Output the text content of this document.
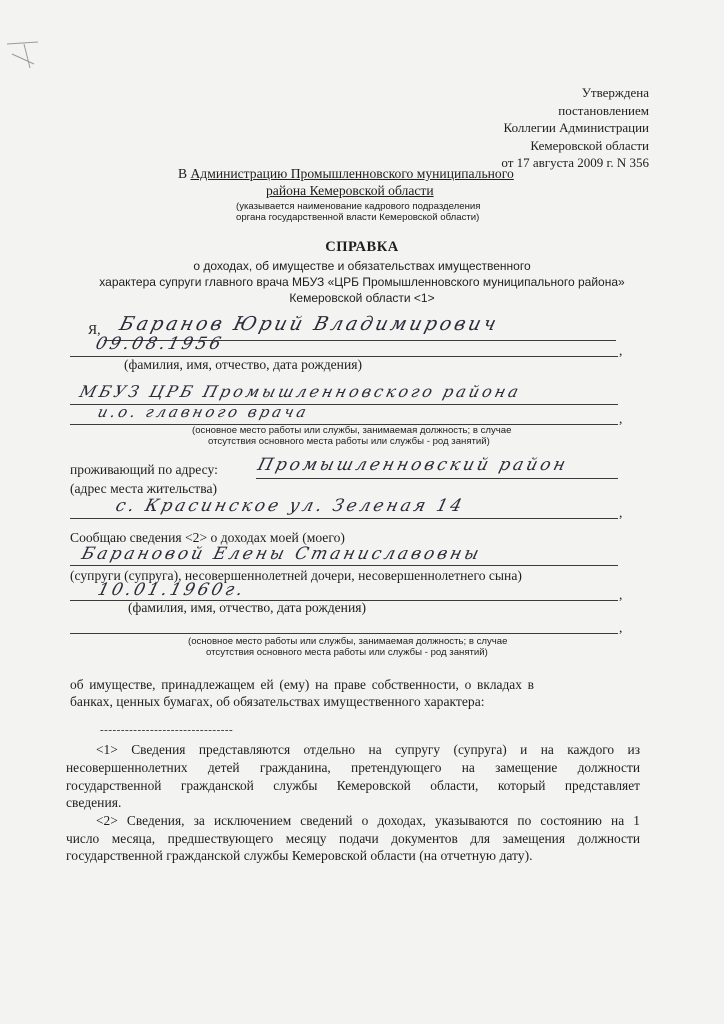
Утверждена
постановлением
Коллегии Администрации
Кемеровской области
от 17 августа 2009 г. N 356
В Администрацию Промышленновского муниципального
района Кемеровской области
(указывается наименование кадрового подразделения
органа государственной власти Кемеровской области)
СПРАВКА
о доходах, об имуществе и обязательствах имущественного
характера супруги главного врача МБУЗ «ЦРБ Промышленновского муниципального района»
Кемеровской области <1>
Я, Баранов Юрий Владимирович
09.08.1956	,
(фамилия, имя, отчество, дата рождения)
МБУЗ ЦРБ Промышленновского района
и.о. главного врача	,
(основное место работы или службы, занимаемая должность; в случае
отсутствия основного места работы или службы - род занятий)
проживающий по адресу: Промышленновский район
(адрес места жительства)
с. Красинское ул. Зеленая 14	,
Сообщаю сведения <2> о доходах моей (моего)
Барановой Елены Станиславовны
(супруги (супруга), несовершеннолетней дочери, несовершеннолетнего сына)
10.01.1960г.	,
(фамилия, имя, отчество, дата рождения)
,
(основное место работы или службы, занимаемая должность; в случае
отсутствия основного места работы или службы - род занятий)
об имуществе, принадлежащем ей (ему) на праве собственности, о вкладах в
банках, ценных бумагах, об обязательствах имущественного характера:
--------------------------------
<1> Сведения представляются отдельно на супругу (супруга) и на каждого из
несовершеннолетних детей гражданина, претендующего на замещение должности
государственной гражданской службы Кемеровской области, который представляет
сведения.
<2> Сведения, за исключением сведений о доходах, указываются по состоянию на 1
число месяца, предшествующего месяцу подачи документов для замещения должности
государственной гражданской службы Кемеровской области (на отчетную дату).
